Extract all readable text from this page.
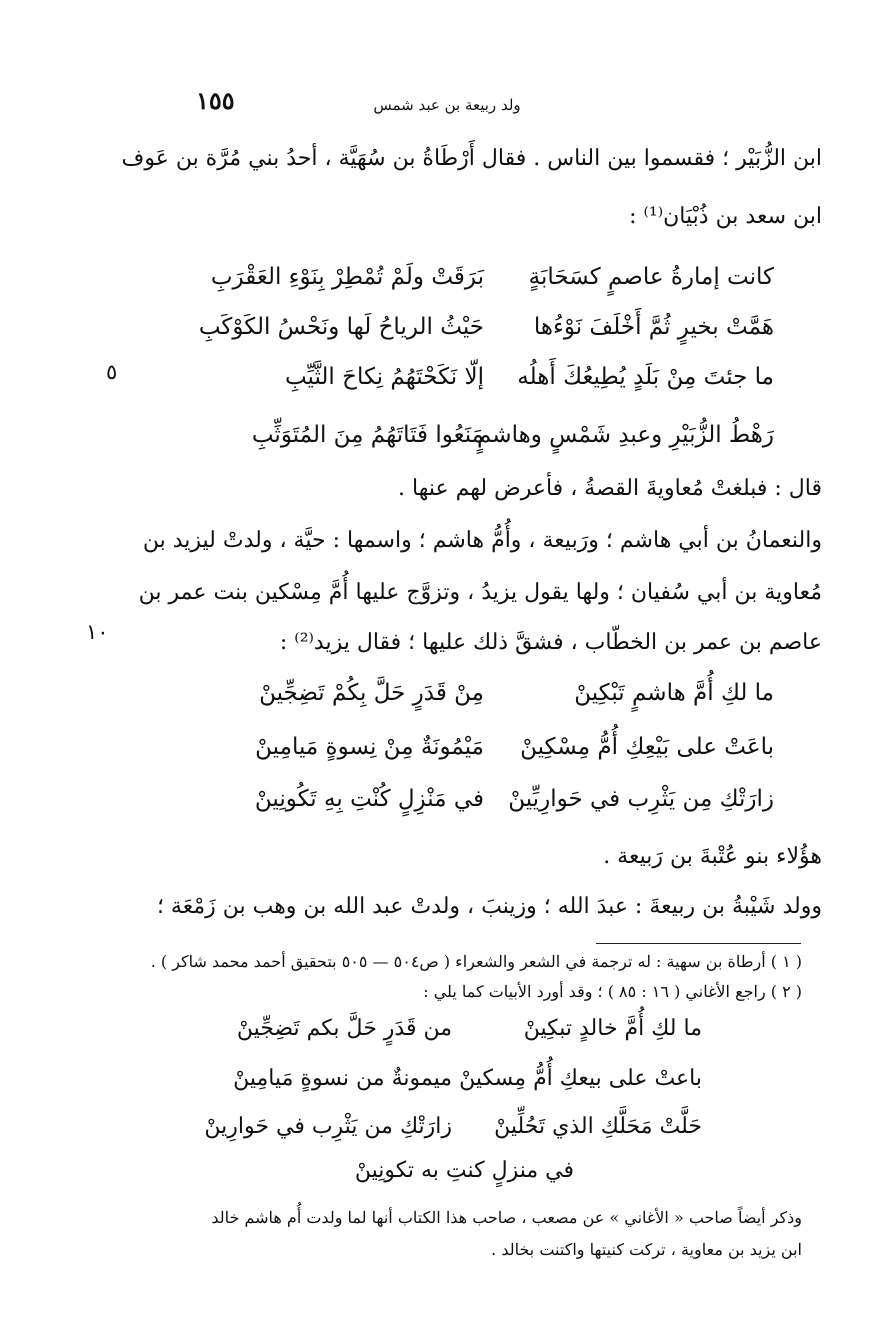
١٥٥	ولد ربيعة بن عبد شمس
ابن الزُّبَيْر ؛ فقسموا بين الناس . فقال أَرْطَاةُ بن سُهَيَّة ، أحدُ بني مُرَّة بن عَوف
ابن سعد بن ذُبْيَان⁽¹⁾ :
كانت إمارةُ عاصمٍ كسَحَابَةٍ
بَرَقَتْ ولَمْ تُمْطِرْ بِنَوْءِ العَقْرَبِ
هَمَّتْ بخيرٍ ثُمَّ أَخْلَفَ نَوْءُها
حَيْثُ الرياحُ لَها ونَحْسُ الكَوْكَبِ
ما جئتَ مِنْ بَلَدٍ يُطِيعُكَ أَهلُه
إلّا نَكَحْتَهُمُ نِكاحَ الثَّيِّبِ
رَهْطُ الزُّبَيْرِ وعبدِ شَمْسٍ وهاشمٍ
مَنَعُوا فَتَاتَهُمُ مِنَ المُتَوَثِّبِ
٥
قال : فبلغتْ مُعاويةَ القصةُ ، فأعرض لهم عنها .
والنعمانُ بن أبي هاشم ؛ ورَبيعة ، وأُمُّ هاشم ؛ واسمها : حيَّة ، ولدتْ ليزيد بن
مُعاوية بن أبي سُفيان ؛ ولها يقول يزيدُ ، وتزوَّج عليها أُمَّ مِسْكين بنت عمر بن
عاصم بن عمر بن الخطّاب ، فشقَّ ذلك عليها ؛ فقال يزيد⁽²⁾ :
١٠
ما لكِ أُمَّ هاشمٍ تَبْكِينْ
مِنْ قَدَرٍ حَلَّ بِكُمْ تَضِجِّينْ
باعَتْ على بَيْعِكِ أُمُّ مِسْكِينْ
مَيْمُونَةٌ مِنْ نِسوةٍ مَيامِينْ
زارَتْكِ مِن يَثْرِب في حَوارِيِّينْ
في مَنْزِلٍ كُنْتِ بِهِ تَكُونِينْ
هؤُلاء بنو عُتْبةَ بن رَبيعة .
وولد شَيْبةُ بن ربيعةَ : عبدَ الله ؛ وزينبَ ، ولدتْ عبد الله بن وهب بن زَمْعَة ؛
( ١ ) أرطاة بن سهية : له ترجمة في الشعر والشعراء ( ص٥٠٤ — ٥٠٥ بتحقيق أحمد محمد شاكر ) .
( ٢ ) راجع الأغاني ( ١٦ : ٨٥ ) ؛ وقد أورد الأبيات كما يلي :
ما لكِ أُمَّ خالدٍ تبكِينْ
من قَدَرٍ حَلَّ بكم تَضِجِّينْ
باعتْ على بيعكِ أُمُّ مِسكينْ
ميمونةٌ من نسوةٍ مَيامِينْ
حَلَّتْ مَحَلَّكِ الذي تَحُلِّينْ
زارَتْكِ من يَثْرِب في حَوارِينْ
في منزلٍ كنتِ به تكونِينْ
وذكر أيضاً صاحب « الأغاني » عن مصعب ، صاحب هذا الكتاب أنها لما ولدت أُم هاشم خالد
ابن يزيد بن معاوية ، تركت كنيتها واكتنت بخالد .
